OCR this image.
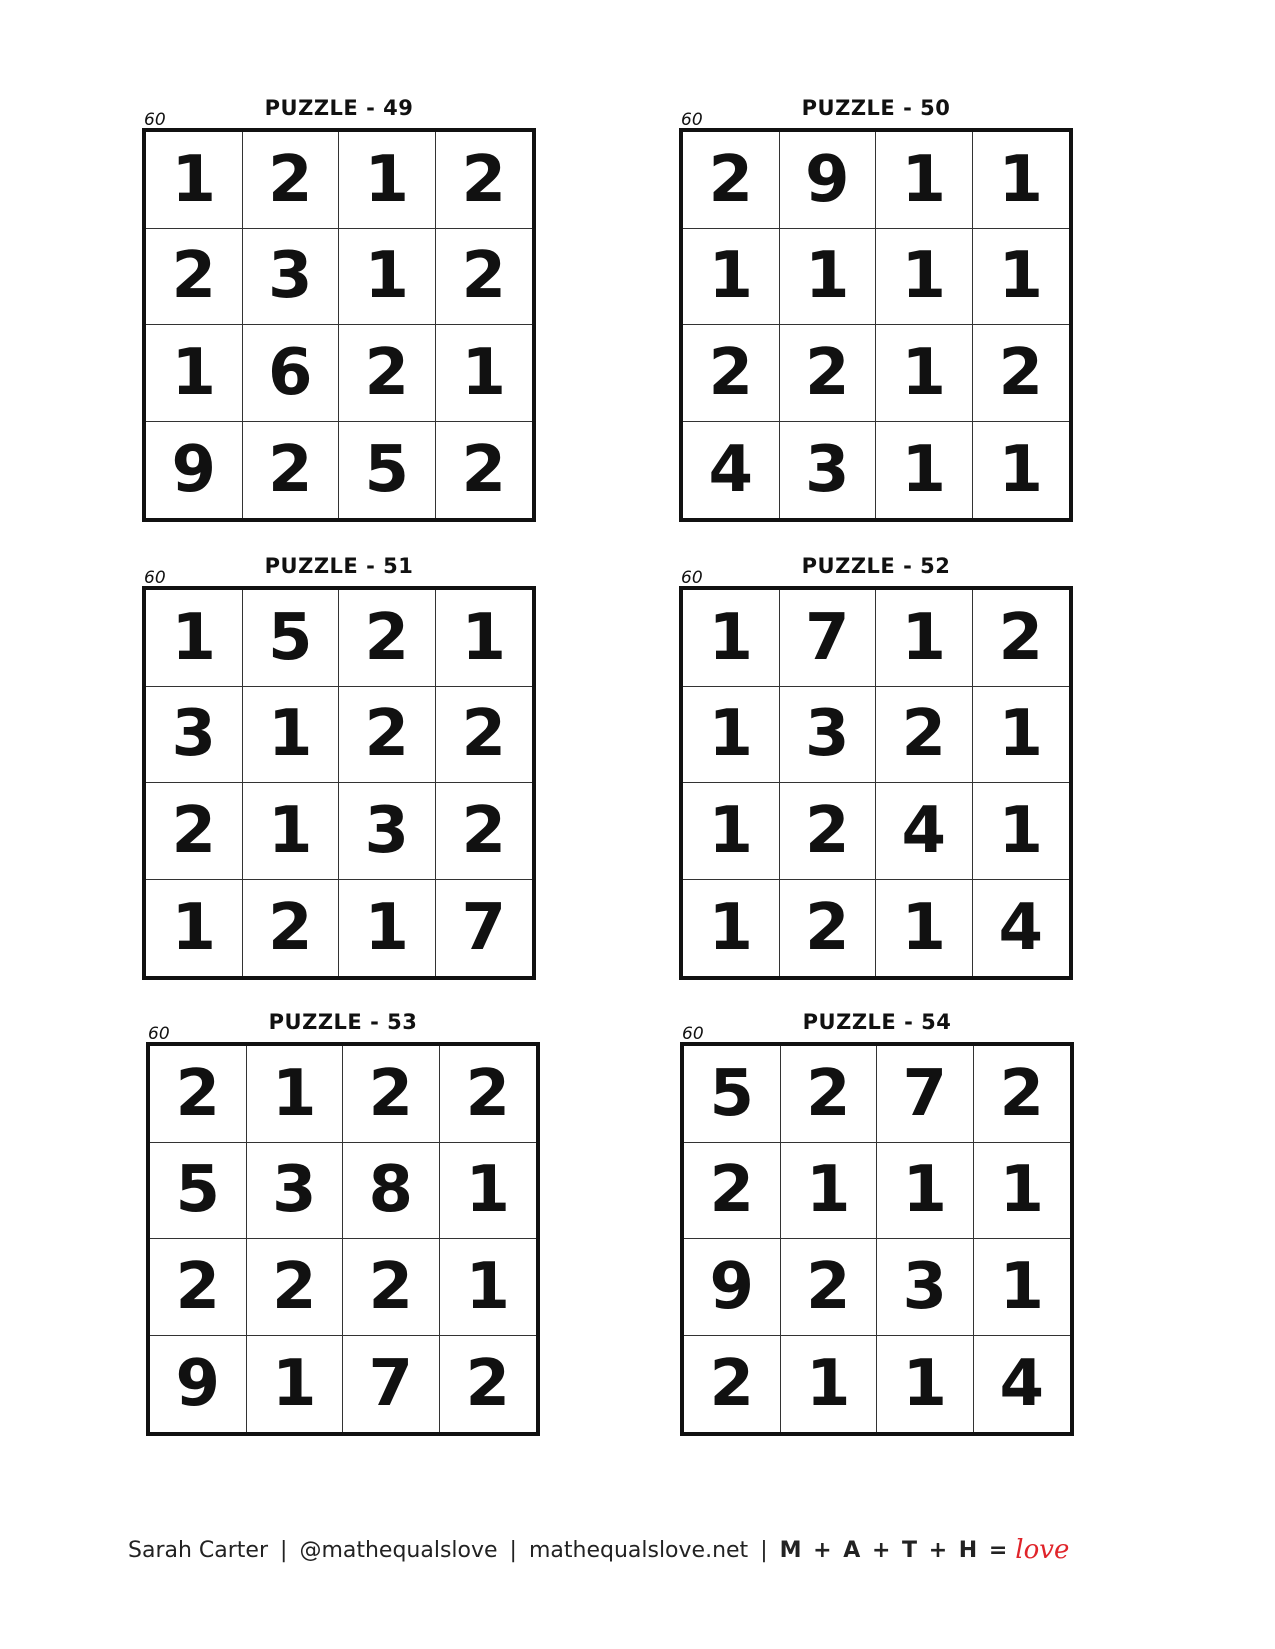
PUZZLE - 49
60
1 2 1 2
2 3 1 2
1 6 2 1
9 2 5 2
PUZZLE - 50
60
2 9 1 1
1 1 1 1
2 2 1 2
4 3 1 1
PUZZLE - 51
60
1 5 2 1
3 1 2 2
2 1 3 2
1 2 1 7
PUZZLE - 52
60
1 7 1 2
1 3 2 1
1 2 4 1
1 2 1 4
PUZZLE - 53
60
2 1 2 2
5 3 8 1
2 2 2 1
9 1 7 2
PUZZLE - 54
60
5 2 7 2
2 1 1 1
9 2 3 1
2 1 1 4
Sarah Carter | @mathequalslove | mathequalslove.net | M + A + T + H = love
